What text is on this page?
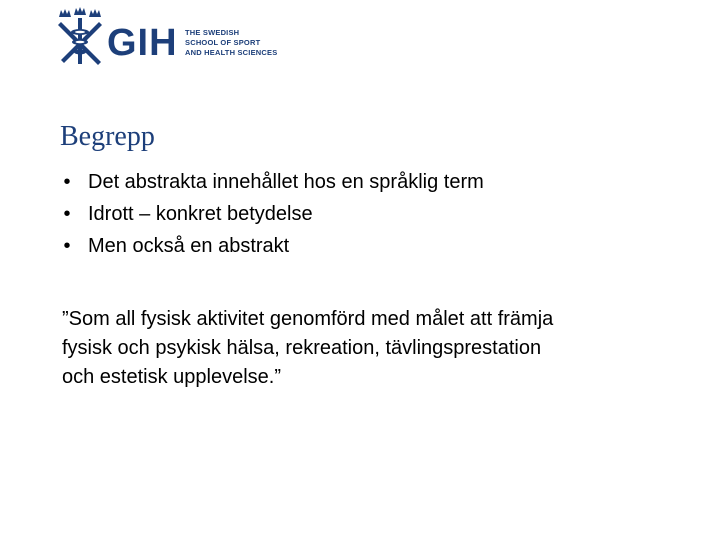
GIH THE SWEDISH
SCHOOL OF SPORT
AND HEALTH SCIENCES
Begrepp
• Det abstrakta innehållet hos en språklig term
• Idrott – konkret betydelse
• Men också en abstrakt
”Som all fysisk aktivitet genomförd med målet att främja
fysisk och psykisk hälsa, rekreation, tävlingsprestation
och estetisk upplevelse.”
